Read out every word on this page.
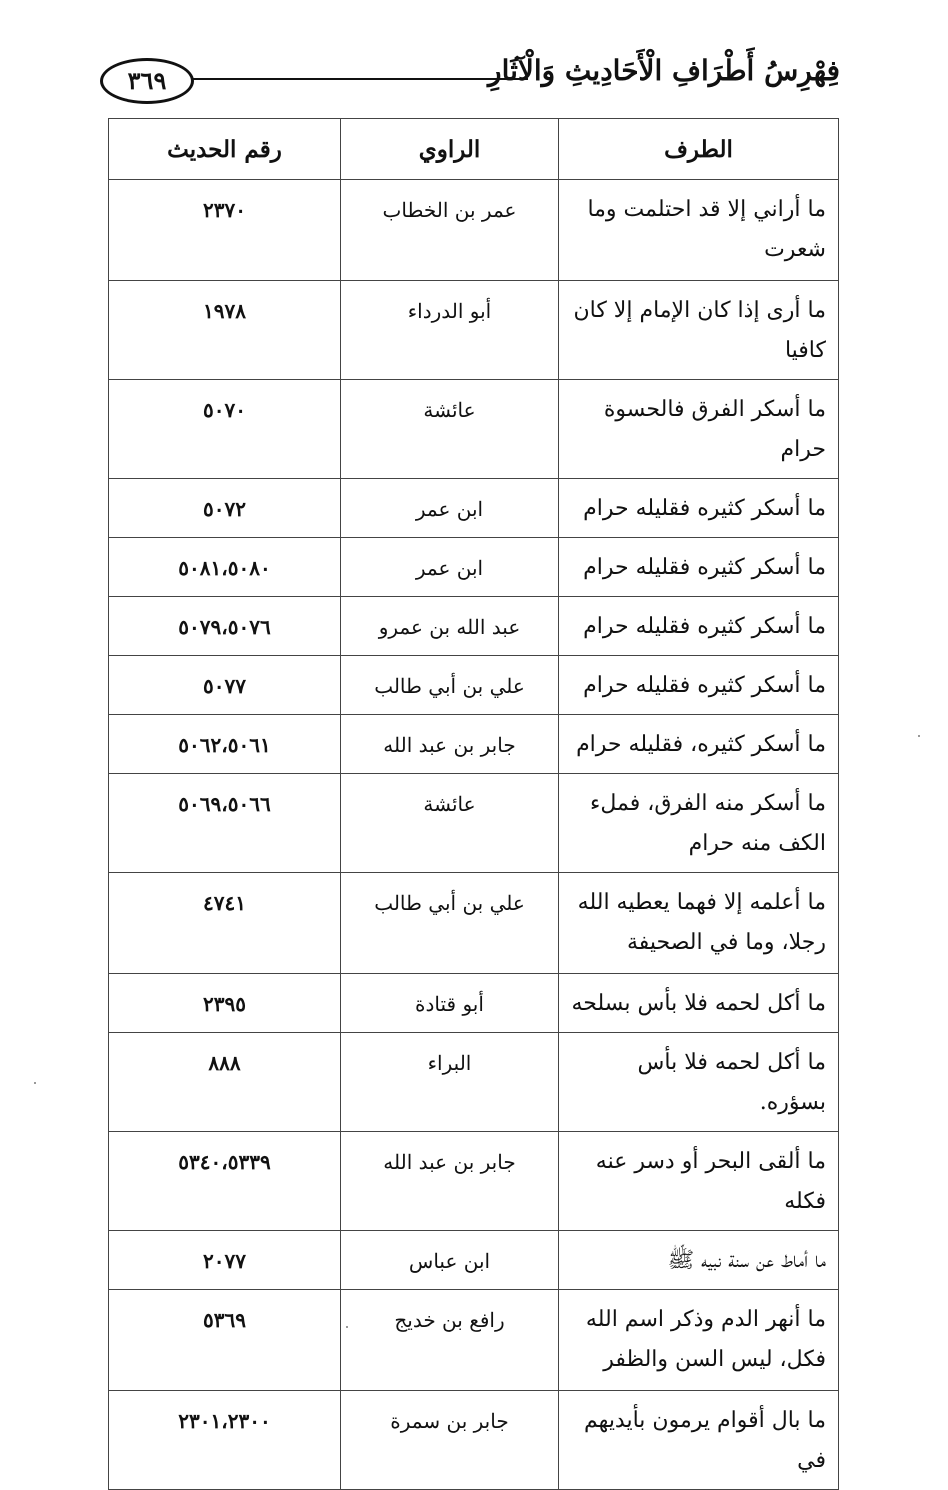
فِهْرِسُ أَطْرَافِ الْأَحَادِيثِ وَالْآثَارِ
٣٦٩
الطرف	الراوي	رقم الحديث
ما أراني إلا قد احتلمت وما شعرت	عمر بن الخطاب	٢٣٧٠
ما أرى إذا كان الإمام إلا كان كافيا	أبو الدرداء	١٩٧٨
ما أسكر الفرق فالحسوة حرام	عائشة	٥٠٧٠
ما أسكر كثيره فقليله حرام	ابن عمر	٥٠٧٢
ما أسكر كثيره فقليله حرام	ابن عمر	٥٠٨١،٥٠٨٠
ما أسكر كثيره فقليله حرام	عبد الله بن عمرو	٥٠٧٩،٥٠٧٦
ما أسكر كثيره فقليله حرام	علي بن أبي طالب	٥٠٧٧
ما أسكر كثيره، فقليله حرام	جابر بن عبد الله	٥٠٦٢،٥٠٦١
ما أسكر منه الفرق، فملء الكف منه حرام	عائشة	٥٠٦٩،٥٠٦٦
ما أعلمه إلا فهما يعطيه الله رجلا، وما في الصحيفة	علي بن أبي طالب	٤٧٤١
ما أكل لحمه فلا بأس بسلحه	أبو قتادة	٢٣٩٥
ما أكل لحمه فلا بأس بسؤره.	البراء	٨٨٨
ما ألقى البحر أو دسر عنه فكله	جابر بن عبد الله	٥٣٤٠،٥٣٣٩
ما أماط عن سنة نبيه ﷺ	ابن عباس	٢٠٧٧
ما أنهر الدم وذكر اسم الله فكل، ليس السن والظفر	رافع بن خديج	٥٣٦٩
ما بال أقوام يرمون بأيديهم في	جابر بن سمرة	٢٣٠١،٢٣٠٠
